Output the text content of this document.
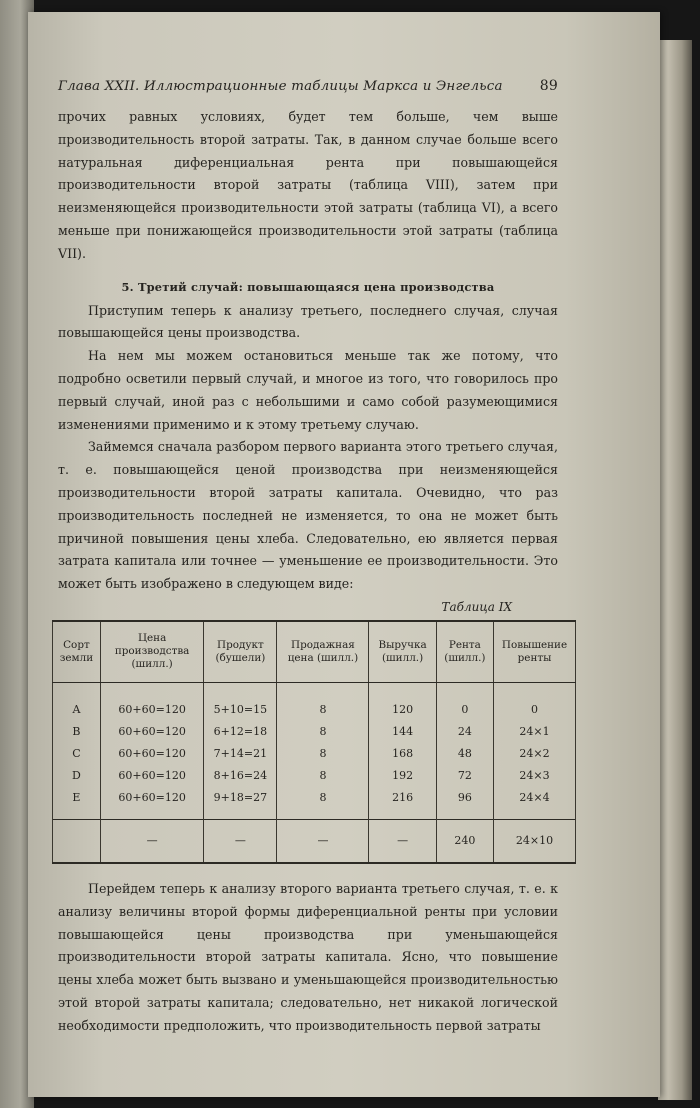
Глава XXII. Иллюстрационные таблицы Маркса и Энгельса	89

прочих равных условиях, будет тем больше, чем выше производительность второй затраты. Так, в данном случае больше всего натуральная диференциальная рента при повышающейся производительности второй затраты (таблица VIII), затем при неизменяющейся производительности этой затраты (таблица VI), а всего меньше при понижающейся производительности этой затраты (таблица VII).

5. Третий случай: повышающаяся цена производства

Приступим теперь к анализу третьего, последнего случая, случая повышающейся цены производства.

На нем мы можем остановиться меньше так же потому, что подробно осветили первый случай, и многое из того, что говорилось про первый случай, иной раз с небольшими и само собой разумеющимися изменениями применимо и к этому третьему случаю.

Займемся сначала разбором первого варианта этого третьего случая, т. е. повышающейся ценой производства при неизменяющейся производительности второй затраты капитала. Очевидно, что раз производительность последней не изменяется, то она не может быть причиной повышения цены хлеба. Следовательно, ею является первая затрата капитала или точнее — уменьшение ее производительности. Это может быть изображено в следующем виде:

Таблица IX
Сорт земли	Цена производства (шилл.)	Продукт (бушели)	Продажная цена (шилл.)	Выручка (шилл.)	Рента (шилл.)	Повышение ренты
A	60+60=120	5+10=15	8	120	0	0
B	60+60=120	6+12=18	8	144	24	24×1
C	60+60=120	7+14=21	8	168	48	24×2
D	60+60=120	8+16=24	8	192	72	24×3
E	60+60=120	9+18=27	8	216	96	24×4
	—	—	—	—	240	24×10

Перейдем теперь к анализу второго варианта третьего случая, т. е. к анализу величины второй формы диференциальной ренты при условии повышающейся цены производства при уменьшающейся производительности второй затраты капитала. Ясно, что повышение цены хлеба может быть вызвано и уменьшающейся производительностью этой второй затраты капитала; следовательно, нет никакой логической необходимости предположить, что производительность первой затраты
